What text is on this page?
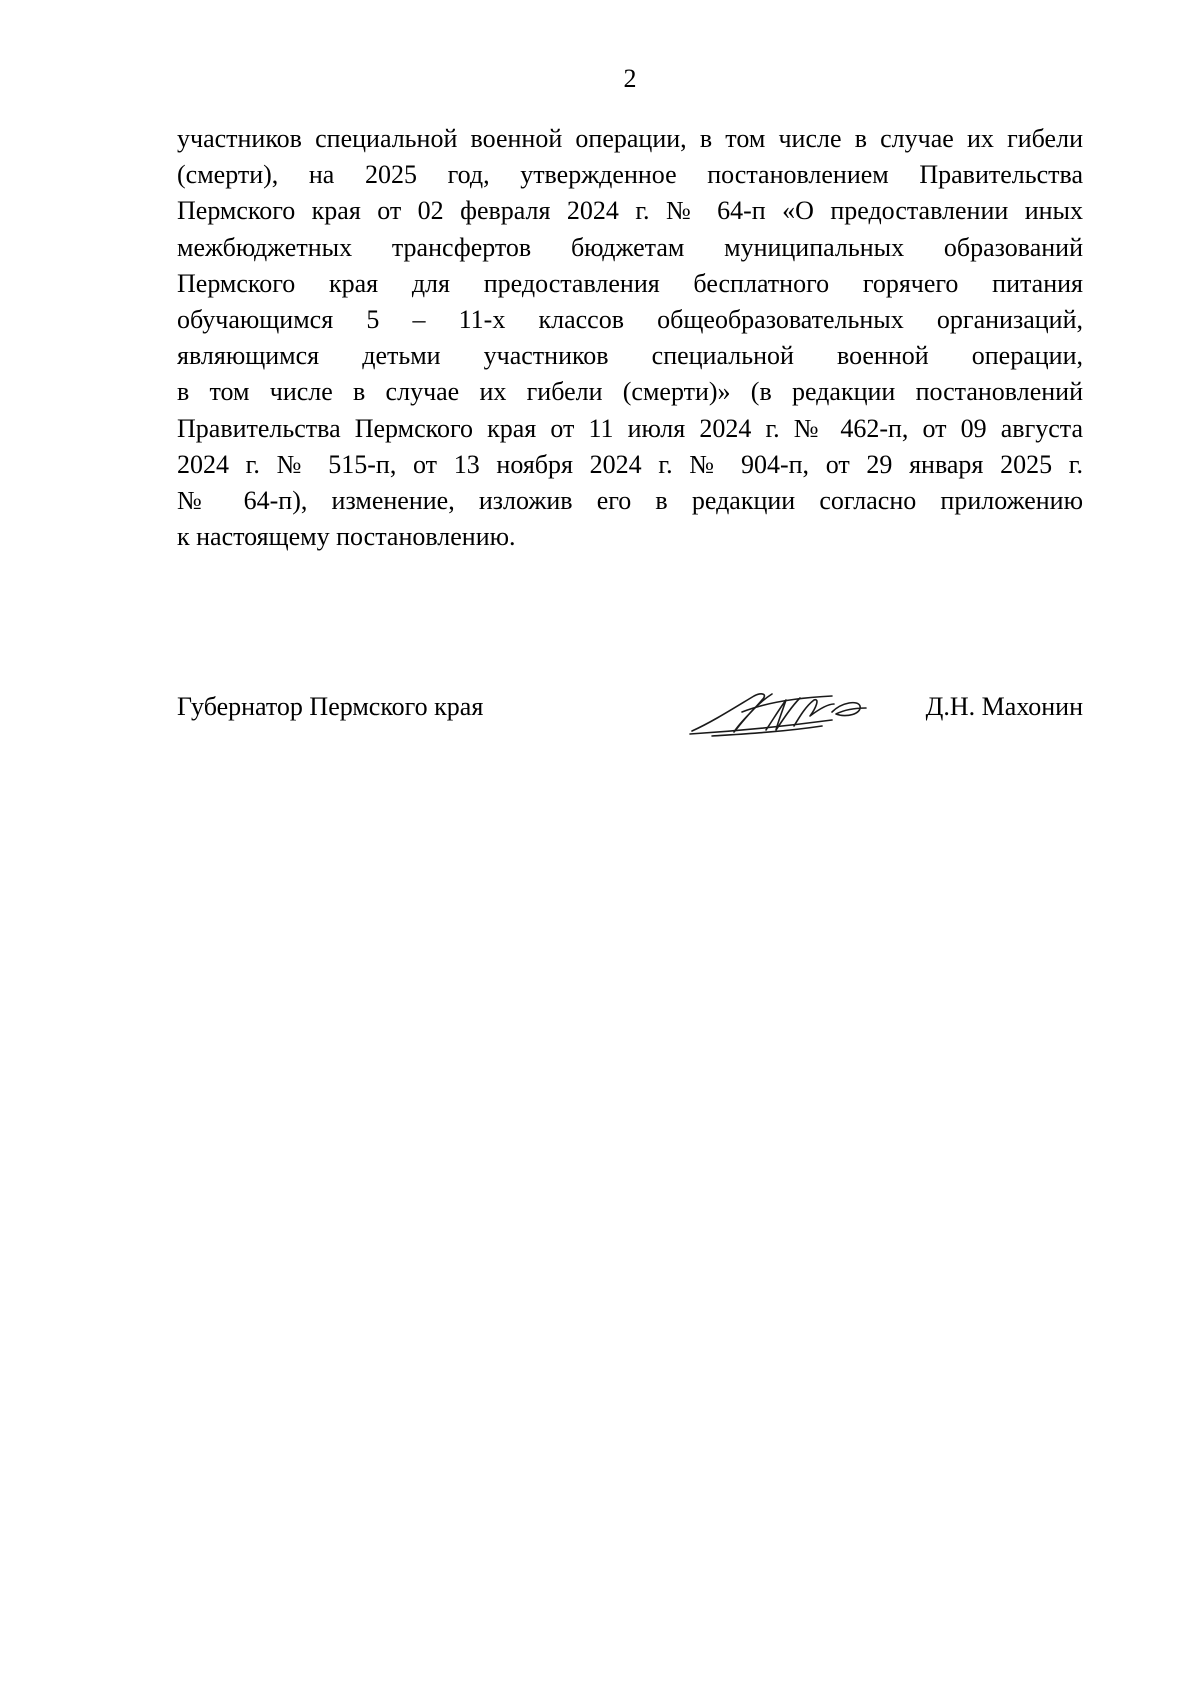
2
участников специальной военной операции, в том числе в случае их гибели
(смерти), на 2025 год, утвержденное постановлением Правительства
Пермского края от 02 февраля 2024 г. № 64-п «О предоставлении иных
межбюджетных трансфертов бюджетам муниципальных образований
Пермского края для предоставления бесплатного горячего питания
обучающимся 5 – 11-х классов общеобразовательных организаций,
являющимся детьми участников специальной военной операции,
в том числе в случае их гибели (смерти)» (в редакции постановлений
Правительства Пермского края от 11 июля 2024 г. № 462-п, от 09 августа
2024 г. № 515-п, от 13 ноября 2024 г. № 904-п, от 29 января 2025 г.
№ 64-п), изменение, изложив его в редакции согласно приложению
к настоящему постановлению.
Губернатор Пермского края	Д.Н. Махонин
